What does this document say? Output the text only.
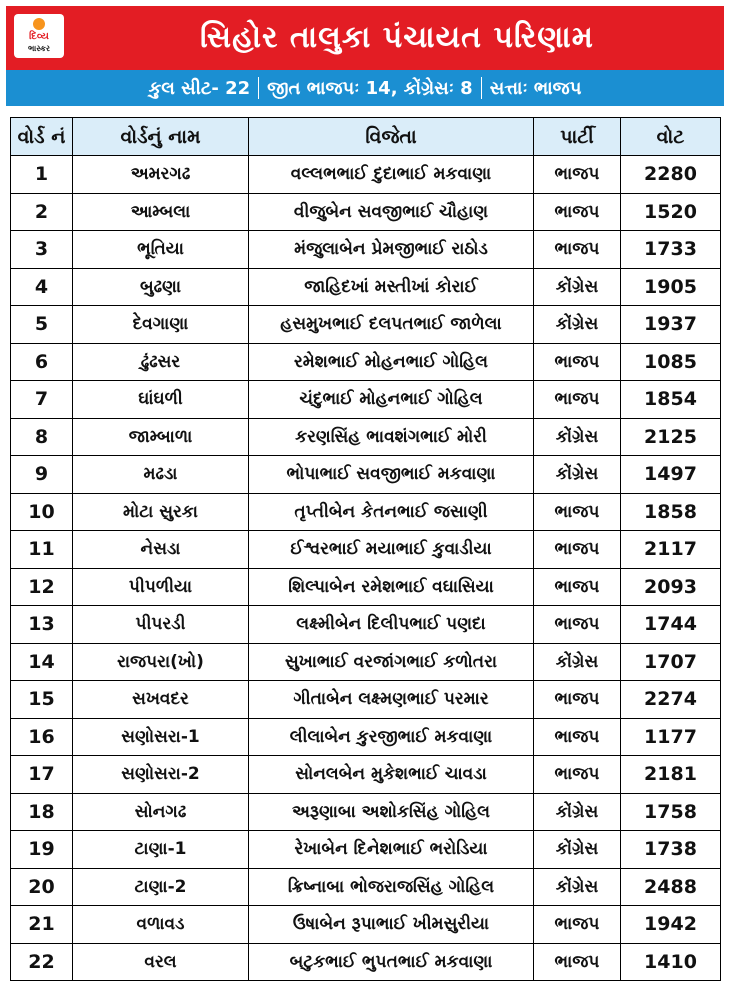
દિવ્ય
ભાસ્કર	સિહોર તાલુકા પંચાયત પરિણામ
કુલ સીટ- 22 જીત ભાજપઃ 14, કોંગ્રેસઃ 8 સત્તાઃ ભાજપ
વોર્ડ નં	વોર્ડનું નામ	વિજેતા	પાર્ટી	વોટ
1	અમરગઢ	વલ્લભભાઈ દુદાભાઈ મકવાણા	ભાજપ	2280
2	આમ્બલા	વીજુબેન સવજીભાઈ ચૌહાણ	ભાજપ	1520
3	ભૂતિયા	મંજુલાબેન પ્રેમજીભાઈ રાઠોડ	ભાજપ	1733
4	બુઢણા	જાહિદખાં મસ્તીખાં કોરાઈ	કોંગ્રેસ	1905
5	દેવગાણા	હસમુખભાઈ દલપતભાઈ જાળેલા	કોંગ્રેસ	1937
6	ઢુંઢસર	રમેશભાઈ મોહનભાઈ ગોહિલ	ભાજપ	1085
7	ઘાંઘળી	ચંદુભાઈ મોહનભાઈ ગોહિલ	ભાજપ	1854
8	જામ્બાળા	કરણસિંહ ભાવશંગભાઈ મોરી	કોંગ્રેસ	2125
9	મઢડા	ભોપાભાઈ સવજીભાઈ મકવાણા	કોંગ્રેસ	1497
10	મોટા સુરકા	તૃપ્તીબેન કેતનભાઈ જસાણી	ભાજપ	1858
11	નેસડા	ઈશ્વરભાઈ મયાભાઈ કુવાડીયા	ભાજપ	2117
12	પીપળીયા	શિલ્પાબેન રમેશભાઈ વઘાસિયા	ભાજપ	2093
13	પીપરડી	લક્ષ્મીબેન દિલીપભાઈ પણદા	ભાજપ	1744
14	રાજપરા(ખો)	સુખાભાઈ વરજાંગભાઈ કળોતરા	કોંગ્રેસ	1707
15	સખવદર	ગીતાબેન લક્ષ્મણભાઈ પરમાર	ભાજપ	2274
16	સણોસરા-1	લીલાબેન કુરજીભાઈ મકવાણા	ભાજપ	1177
17	સણોસરા-2	સોનલબેન મુકેશભાઈ ચાવડા	ભાજપ	2181
18	સોનગઢ	અરૂણાબા અશોકસિંહ ગોહિલ	કોંગ્રેસ	1758
19	ટાણા-1	રેખાબેન દિનેશભાઈ ભરોડિયા	કોંગ્રેસ	1738
20	ટાણા-2	ક્રિષ્નાબા ભોજરાજસિંહ ગોહિલ	કોંગ્રેસ	2488
21	વળાવડ	ઉષાબેન રૂપાભાઈ ખીમસુરીયા	ભાજપ	1942
22	વરલ	બટુકભાઈ ભુપતભાઈ મકવાણા	ભાજપ	1410
